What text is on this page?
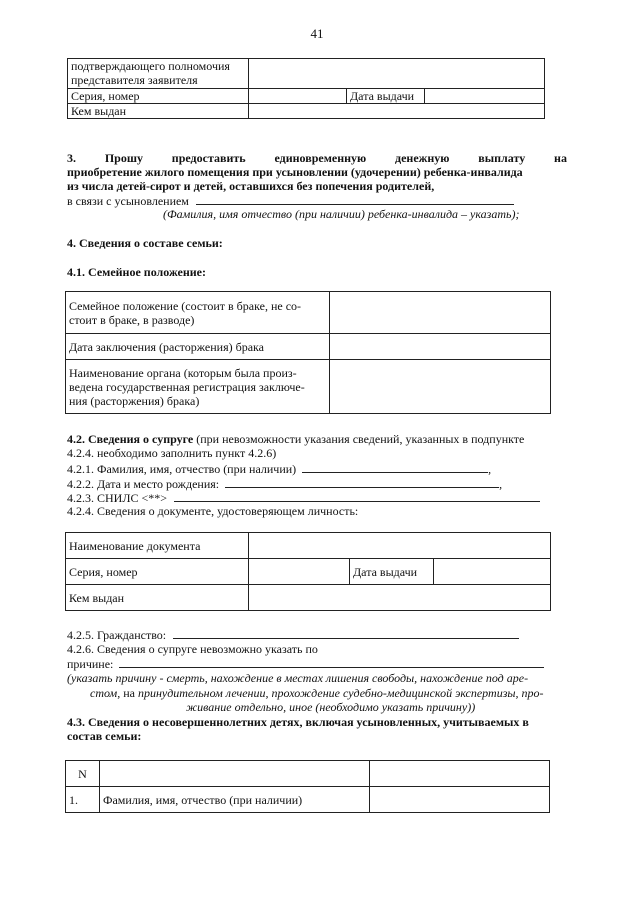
41
подтверждающего полномочия
представителя заявителя			

Серия, номер		Дата выдачи	
Кем выдан			
3. Прошу предоставить единовременную денежную выплату на
приобретение жилого помещения при усыновлении (удочерении) ребенка-инвалида
из числа детей-сирот и детей, оставшихся без попечения родителей,
в связи с усыновлением
(Фамилия, имя отчество (при наличии) ребенка-инвалида – указать);
4. Сведения о составе семьи:
4.1. Семейное положение:
Семейное положение (состоит в браке, не со-
стоит в браке, в разводе)	

Дата заключения (расторжения) брака	

Наименование органа (которым была произ-
ведена государственная регистрация заключе-
ния (расторжения) брака)	

4.2. Сведения о супруге (при невозможности указания сведений, указанных в подпункте
4.2.4. необходимо заполнить пункт 4.2.6)
4.2.1. Фамилия, имя, отчество (при наличии)	,
4.2.2. Дата и место рождения:	,
4.2.3. СНИЛС <**>
4.2.4. Сведения о документе, удостоверяющем личность:
Наименование документа			
Серия, номер		Дата выдачи	
Кем выдан			
4.2.5. Гражданство:
4.2.6. Сведения о супруге невозможно указать по
причине:
(указать причину - смерть, нахождение в местах лишения свободы, нахождение под аре-
стом, на принудительном лечении, прохождение судебно-медицинской экспертизы, про-
живание отдельно, иное (необходимо указать причину))
4.3. Сведения о несовершеннолетних детях, включая усыновленных, учитываемых в
состав семьи:
N		
1.	Фамилия, имя, отчество (при наличии)	
